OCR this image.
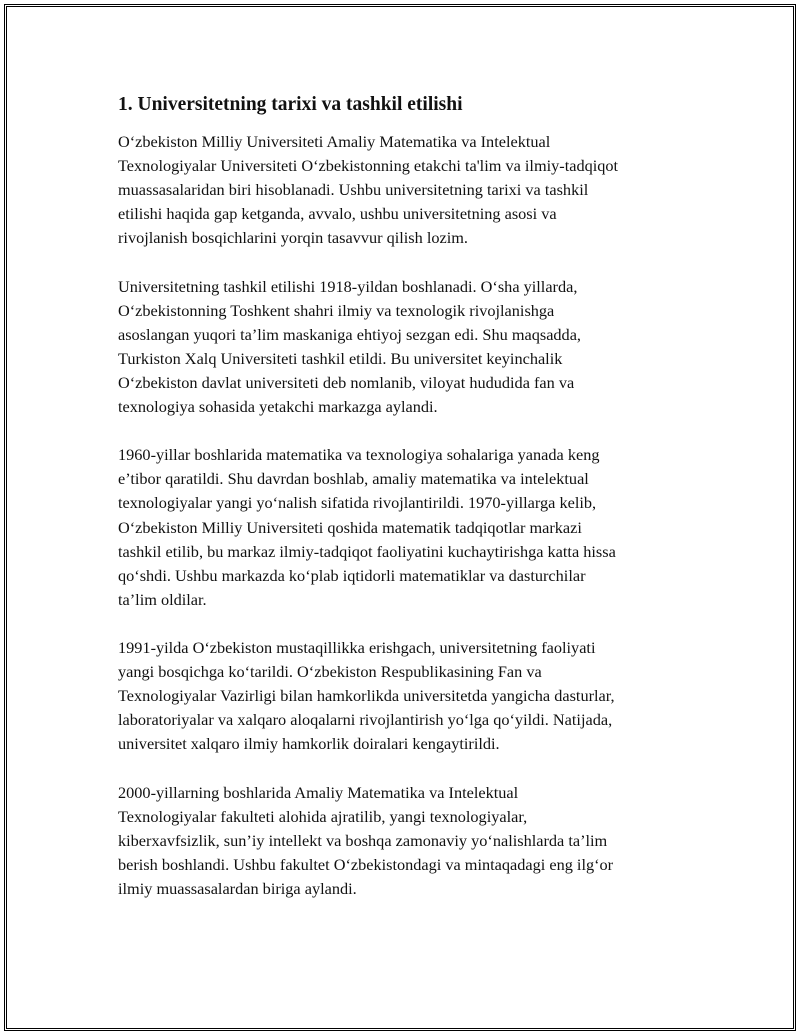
1. Universitetning tarixi va tashkil etilishi

O‘zbekiston Milliy Universiteti Amaliy Matematika va Intelektual
Texnologiyalar Universiteti O‘zbekistonning etakchi ta'lim va ilmiy-tadqiqot
muassasalaridan biri hisoblanadi. Ushbu universitetning tarixi va tashkil
etilishi haqida gap ketganda, avvalo, ushbu universitetning asosi va
rivojlanish bosqichlarini yorqin tasavvur qilish lozim.

Universitetning tashkil etilishi 1918-yildan boshlanadi. O‘sha yillarda,
O‘zbekistonning Toshkent shahri ilmiy va texnologik rivojlanishga
asoslangan yuqori ta’lim maskaniga ehtiyoj sezgan edi. Shu maqsadda,
Turkiston Xalq Universiteti tashkil etildi. Bu universitet keyinchalik
O‘zbekiston davlat universiteti deb nomlanib, viloyat hududida fan va
texnologiya sohasida yetakchi markazga aylandi.

1960-yillar boshlarida matematika va texnologiya sohalariga yanada keng
e’tibor qaratildi. Shu davrdan boshlab, amaliy matematika va intelektual
texnologiyalar yangi yo‘nalish sifatida rivojlantirildi. 1970-yillarga kelib,
O‘zbekiston Milliy Universiteti qoshida matematik tadqiqotlar markazi
tashkil etilib, bu markaz ilmiy-tadqiqot faoliyatini kuchaytirishga katta hissa
qo‘shdi. Ushbu markazda ko‘plab iqtidorli matematiklar va dasturchilar
ta’lim oldilar.

1991-yilda O‘zbekiston mustaqillikka erishgach, universitetning faoliyati
yangi bosqichga ko‘tarildi. O‘zbekiston Respublikasining Fan va
Texnologiyalar Vazirligi bilan hamkorlikda universitetda yangicha dasturlar,
laboratoriyalar va xalqaro aloqalarni rivojlantirish yo‘lga qo‘yildi. Natijada,
universitet xalqaro ilmiy hamkorlik doiralari kengaytirildi.

2000-yillarning boshlarida Amaliy Matematika va Intelektual
Texnologiyalar fakulteti alohida ajratilib, yangi texnologiyalar,
kiberxavfsizlik, sun’iy intellekt va boshqa zamonaviy yo‘nalishlarda ta’lim
berish boshlandi. Ushbu fakultet O‘zbekistondagi va mintaqadagi eng ilg‘or
ilmiy muassasalardan biriga aylandi.
